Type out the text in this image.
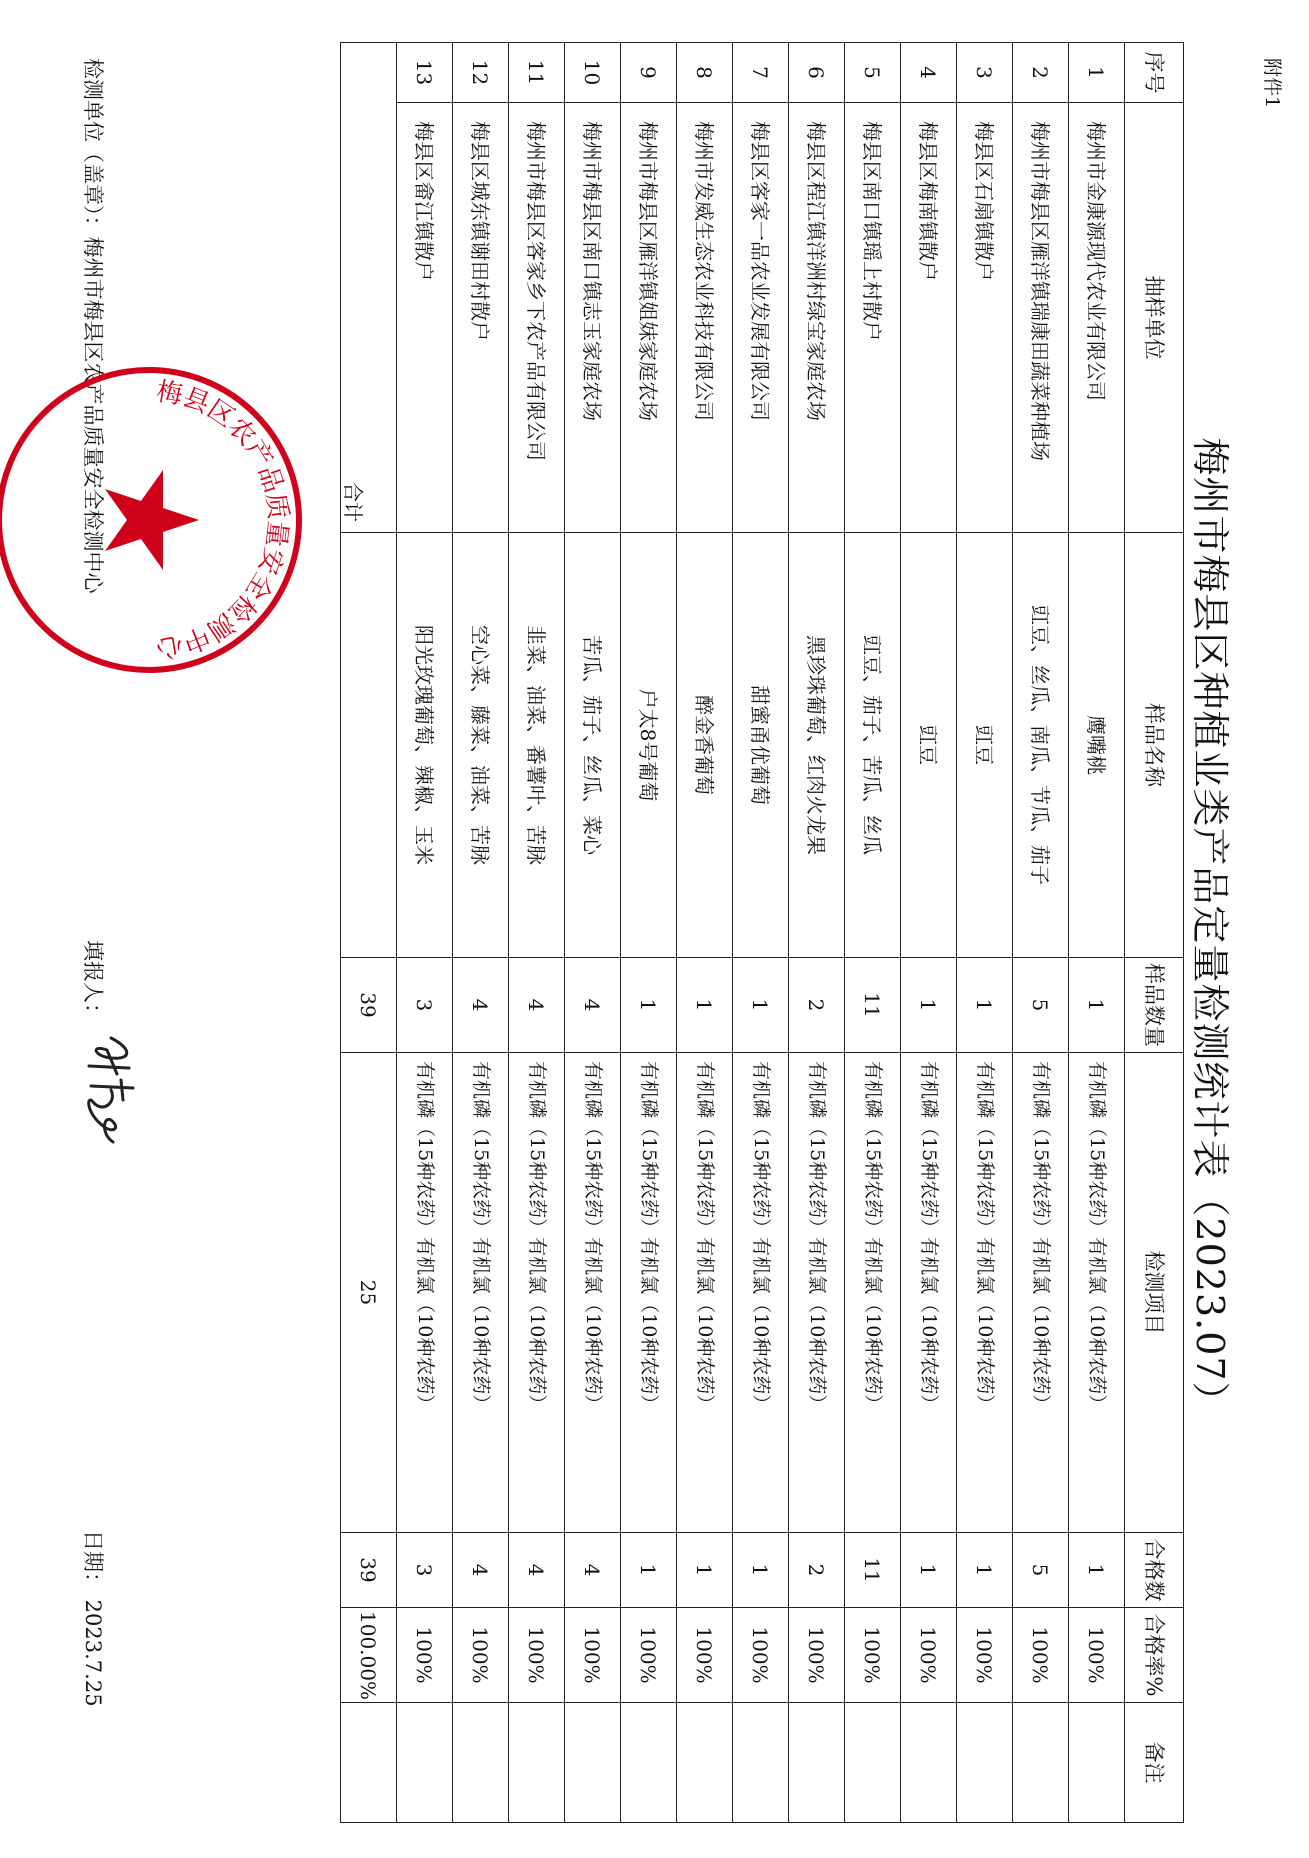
附件1
梅州市梅县区种植业类产品定量检测统计表（2023.07）
序号	抽样单位	样品名称	样品数量	检测项目	合格数	合格率%	备注
1	梅州市金康源现代农业有限公司	鹰嘴桃	1	有机磷（15种农药）有机氯（10种农药）	1	100%	
2	梅州市梅县区雁洋镇瑞康田蔬菜种植场	豇豆、丝瓜、南瓜、节瓜、茄子	5	有机磷（15种农药）有机氯（10种农药）	5	100%	
3	梅县区石扇镇散户	豇豆	1	有机磷（15种农药）有机氯（10种农药）	1	100%	
4	梅县区梅南镇散户	豇豆	1	有机磷（15种农药）有机氯（10种农药）	1	100%	
5	梅县区南口镇瑶上村散户	豇豆、茄子、苦瓜、丝瓜	11	有机磷（15种农药）有机氯（10种农药）	11	100%	
6	梅县区程江镇洋洲村绿宝家庭农场	黑珍珠葡萄、红肉火龙果	2	有机磷（15种农药）有机氯（10种农药）	2	100%	
7	梅县区客家一品农业发展有限公司	甜蜜甬优葡萄	1	有机磷（15种农药）有机氯（10种农药）	1	100%	
8	梅州市发威生态农业科技有限公司	醉金香葡萄	1	有机磷（15种农药）有机氯（10种农药）	1	100%	
9	梅州市梅县区雁洋镇姐妹家庭农场	户太8号葡萄	1	有机磷（15种农药）有机氯（10种农药）	1	100%	
10	梅州市梅县区南口镇志玉家庭农场	苦瓜、茄子、丝瓜、菜心	4	有机磷（15种农药）有机氯（10种农药）	4	100%	
11	梅州市梅县区客家乡下农产品有限公司	韭菜、油菜、番薯叶、苦脉	4	有机磷（15种农药）有机氯（10种农药）	4	100%	
12	梅县区城东镇谢田村散户	空心菜、藤菜、油菜、苦脉	4	有机磷（15种农药）有机氯（10种农药）	4	100%	
13	梅县区畲江镇散户	阳光玫瑰葡萄、辣椒、玉米	3	有机磷（15种农药）有机氯（10种农药）	3	100%	
合计			39	25	39	100.00%	
检测单位（盖章）：梅州市梅县区农产品质量安全检测中心
填报人：
日期： 2023.7.25
梅县区农产品质量安全检测中心
